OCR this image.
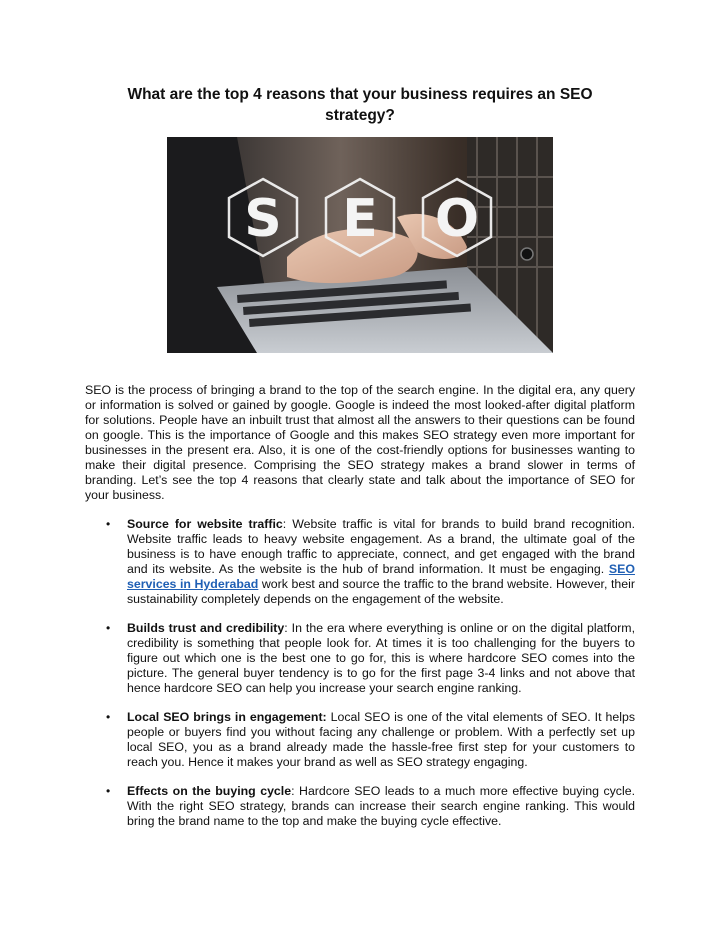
What are the top 4 reasons that your business requires an SEO strategy?
S E O

SEO is the process of bringing a brand to the top of the search engine. In the digital era, any query or information is solved or gained by google. Google is indeed the most looked-after digital platform for solutions. People have an inbuilt trust that almost all the answers to their questions can be found on google. This is the importance of Google and this makes SEO strategy even more important for businesses in the present era. Also, it is one of the cost-friendly options for businesses wanting to make their digital presence. Comprising the SEO strategy makes a brand slower in terms of branding. Let’s see the top 4 reasons that clearly state and talk about the importance of SEO for your business.

• Source for website traffic: Website traffic is vital for brands to build brand recognition. Website traffic leads to heavy website engagement. As a brand, the ultimate goal of the business is to have enough traffic to appreciate, connect, and get engaged with the brand and its website. As the website is the hub of brand information. It must be engaging. SEO services in Hyderabad work best and source the traffic to the brand website. However, their sustainability completely depends on the engagement of the website.
• Builds trust and credibility: In the era where everything is online or on the digital platform, credibility is something that people look for. At times it is too challenging for the buyers to figure out which one is the best one to go for, this is where hardcore SEO comes into the picture. The general buyer tendency is to go for the first page 3-4 links and not above that hence hardcore SEO can help you increase your search engine ranking.
• Local SEO brings in engagement: Local SEO is one of the vital elements of SEO. It helps people or buyers find you without facing any challenge or problem. With a perfectly set up local SEO, you as a brand already made the hassle-free first step for your customers to reach you. Hence it makes your brand as well as SEO strategy engaging.
• Effects on the buying cycle: Hardcore SEO leads to a much more effective buying cycle. With the right SEO strategy, brands can increase their search engine ranking. This would bring the brand name to the top and make the buying cycle effective.
